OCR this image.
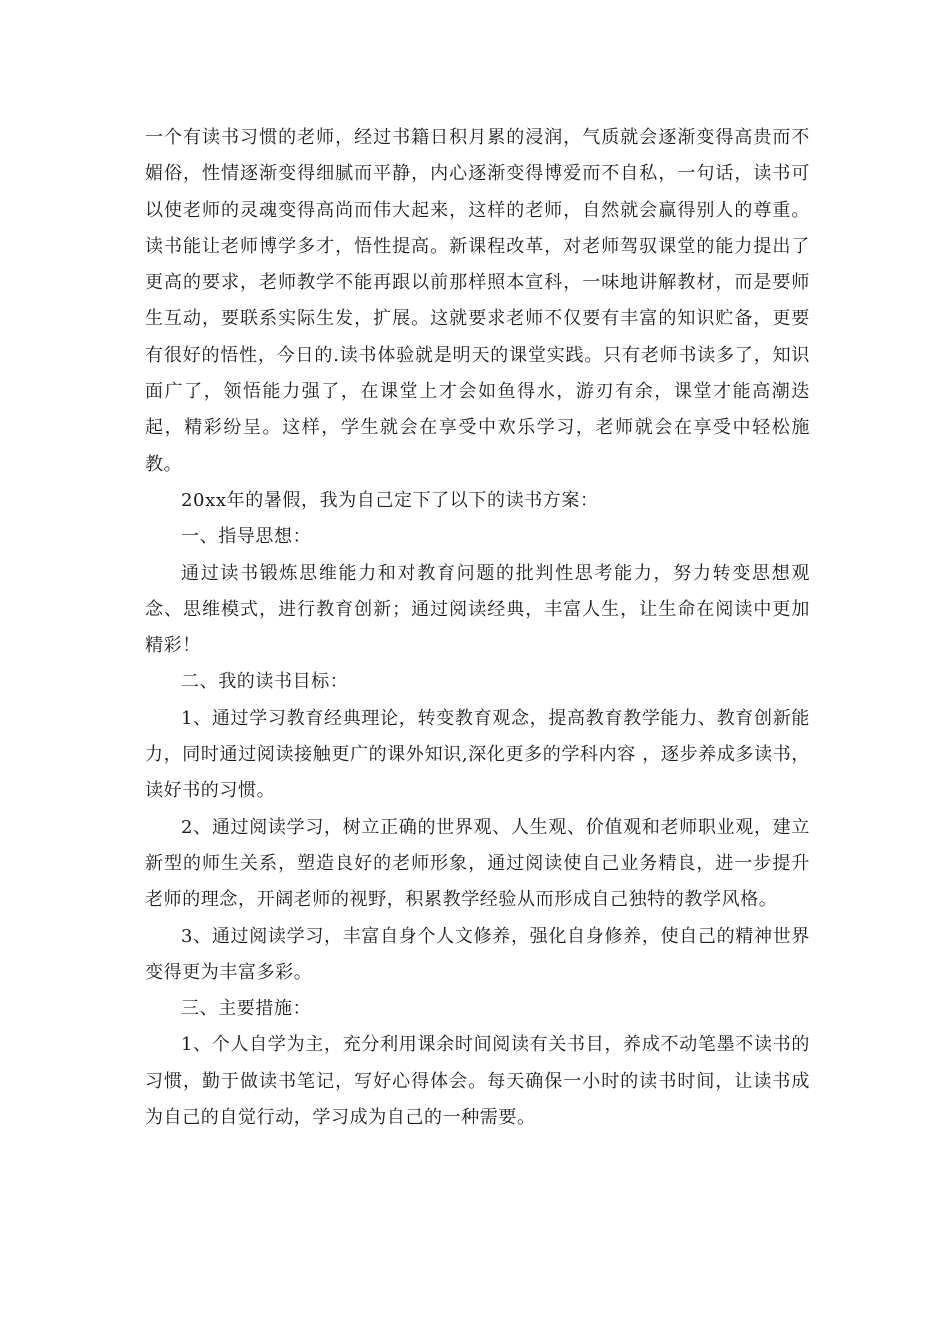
一个有读书习惯的老师，经过书籍日积月累的浸润，气质就会逐渐变得高贵而不媚俗，性情逐渐变得细腻而平静，内心逐渐变得博爱而不自私，一句话，读书可以使老师的灵魂变得高尚而伟大起来，这样的老师，自然就会赢得别人的尊重。读书能让老师博学多才，悟性提高。新课程改革，对老师驾驭课堂的能力提出了更高的要求，老师教学不能再跟以前那样照本宣科，一味地讲解教材，而是要师生互动，要联系实际生发，扩展。这就要求老师不仅要有丰富的知识贮备，更要有很好的悟性，今日的.读书体验就是明天的课堂实践。只有老师书读多了，知识面广了，领悟能力强了，在课堂上才会如鱼得水，游刃有余，课堂才能高潮迭起，精彩纷呈。这样，学生就会在享受中欢乐学习，老师就会在享受中轻松施教。

20xx年的暑假，我为自己定下了以下的读书方案：

一、指导思想：

通过读书锻炼思维能力和对教育问题的批判性思考能力，努力转变思想观念、思维模式，进行教育创新；通过阅读经典，丰富人生，让生命在阅读中更加精彩！

二、我的读书目标：

1、通过学习教育经典理论，转变教育观念，提高教育教学能力、教育创新能力，同时通过阅读接触更广的课外知识,深化更多的学科内容 ，逐步养成多读书，读好书的习惯。

2、通过阅读学习，树立正确的世界观、人生观、价值观和老师职业观，建立新型的师生关系，塑造良好的老师形象，通过阅读使自己业务精良，进一步提升老师的理念，开阔老师的视野，积累教学经验从而形成自己独特的教学风格。

3、通过阅读学习，丰富自身个人文修养，强化自身修养，使自己的精神世界变得更为丰富多彩。

三、主要措施：

1、个人自学为主，充分利用课余时间阅读有关书目，养成不动笔墨不读书的习惯，勤于做读书笔记，写好心得体会。每天确保一小时的读书时间，让读书成为自己的自觉行动，学习成为自己的一种需要。
